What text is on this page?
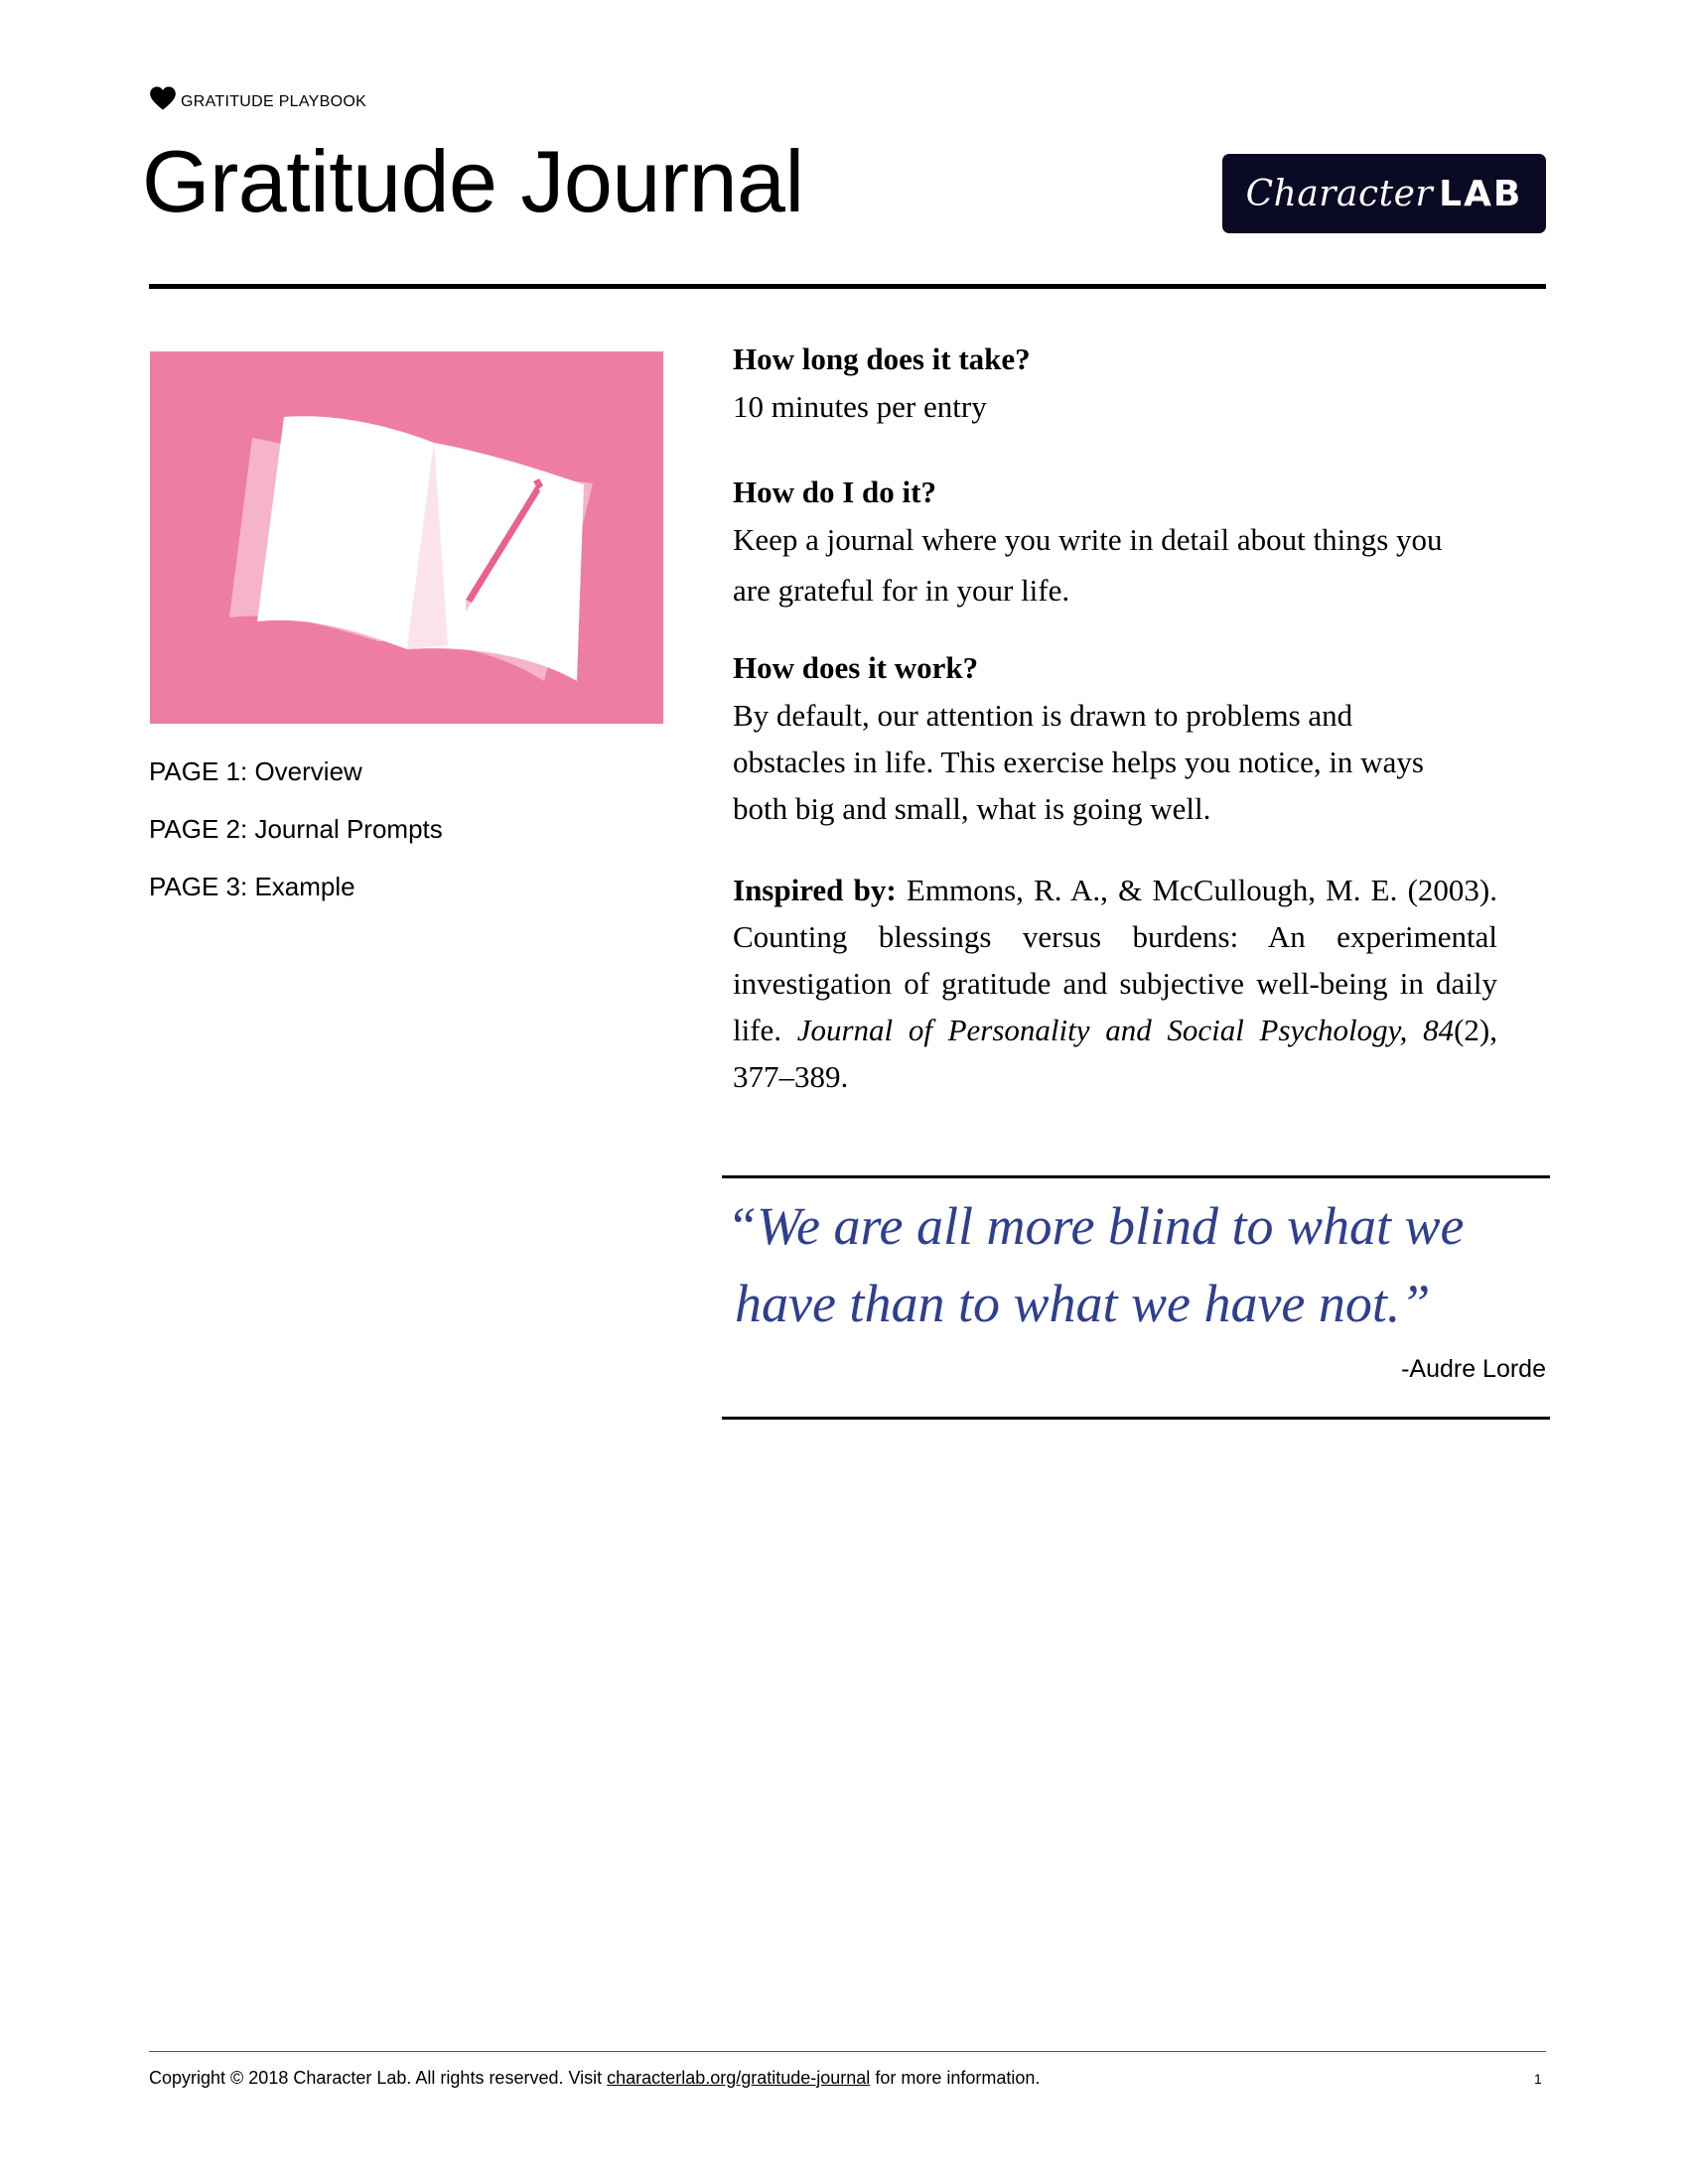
GRATITUDE PLAYBOOK
Gratitude Journal	Character LAB
PAGE 1: Overview
PAGE 2: Journal Prompts
PAGE 3: Example
How long does it take?
10 minutes per entry
How do I do it?
Keep a journal where you write in detail about things you
are grateful for in your life.
How does it work?
By default, our attention is drawn to problems and
obstacles in life. This exercise helps you notice, in ways
both big and small, what is going well.
Inspired by: Emmons, R. A., & McCullough, M. E. (2003). Counting blessings versus burdens: An experimental investigation of gratitude and subjective well-being in daily life. Journal of Personality and Social Psychology, 84(2), 377–389.
“We are all more blind to what we
have than to what we have not.”
-Audre Lorde
Copyright © 2018 Character Lab. All rights reserved. Visit characterlab.org/gratitude-journal for more information.	1
